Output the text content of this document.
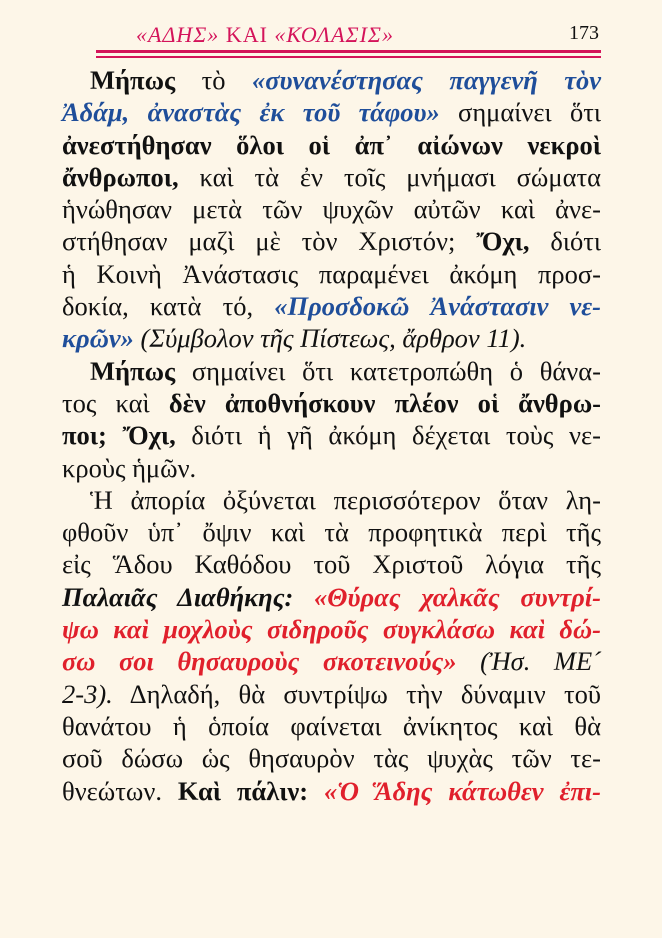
«ΑΔΗΣ» ΚΑΙ «ΚΟΛΑΣΙΣ»	173
Μήπως τὸ «συνανέστησας παγγενῆ τὸν
Ἀδάμ, ἀναστὰς ἐκ τοῦ τάφου» σημαίνει ὅτι
ἀνεστήθησαν ὅλοι οἱ ἀπ᾽ αἰώνων νεκροὶ
ἄνθρωποι, καὶ τὰ ἐν τοῖς μνήμασι σώματα
ἡνώθησαν μετὰ τῶν ψυχῶν αὐτῶν καὶ ἀνε-
στήθησαν μαζὶ μὲ τὸν Χριστόν; Ὄχι, διότι
ἡ Κοινὴ Ἀνάστασις παραμένει ἀκόμη προσ-
δοκία, κατὰ τό, «Προσδοκῶ Ἀνάστασιν νε-
κρῶν» (Σύμβολον τῆς Πίστεως, ἄρθρον 11).
Μήπως σημαίνει ὅτι κατετροπώθη ὁ θάνα-
τος καὶ δὲν ἀποθνήσκουν πλέον οἱ ἄνθρω-
ποι; Ὄχι, διότι ἡ γῆ ἀκόμη δέχεται τοὺς νε-
κροὺς ἡμῶν.
Ἡ ἀπορία ὀξύνεται περισσότερον ὅταν λη-
φθοῦν ὑπ᾽ ὄψιν καὶ τὰ προφητικὰ περὶ τῆς
εἰς Ἅδου Καθόδου τοῦ Χριστοῦ λόγια τῆς
Παλαιᾶς Διαθήκης: «Θύρας χαλκᾶς συντρί-
ψω καὶ μοχλοὺς σιδηροῦς συγκλάσω καὶ δώ-
σω σοι θησαυροὺς σκοτεινούς» (Ἠσ. ΜΕ´
2-3). Δηλαδή, θὰ συντρίψω τὴν δύναμιν τοῦ
θανάτου ἡ ὁποία φαίνεται ἀνίκητος καὶ θὰ
σοῦ δώσω ὡς θησαυρὸν τὰς ψυχὰς τῶν τε-
θνεώτων. Καὶ πάλιν: «Ὁ Ἅδης κάτωθεν ἐπι-
